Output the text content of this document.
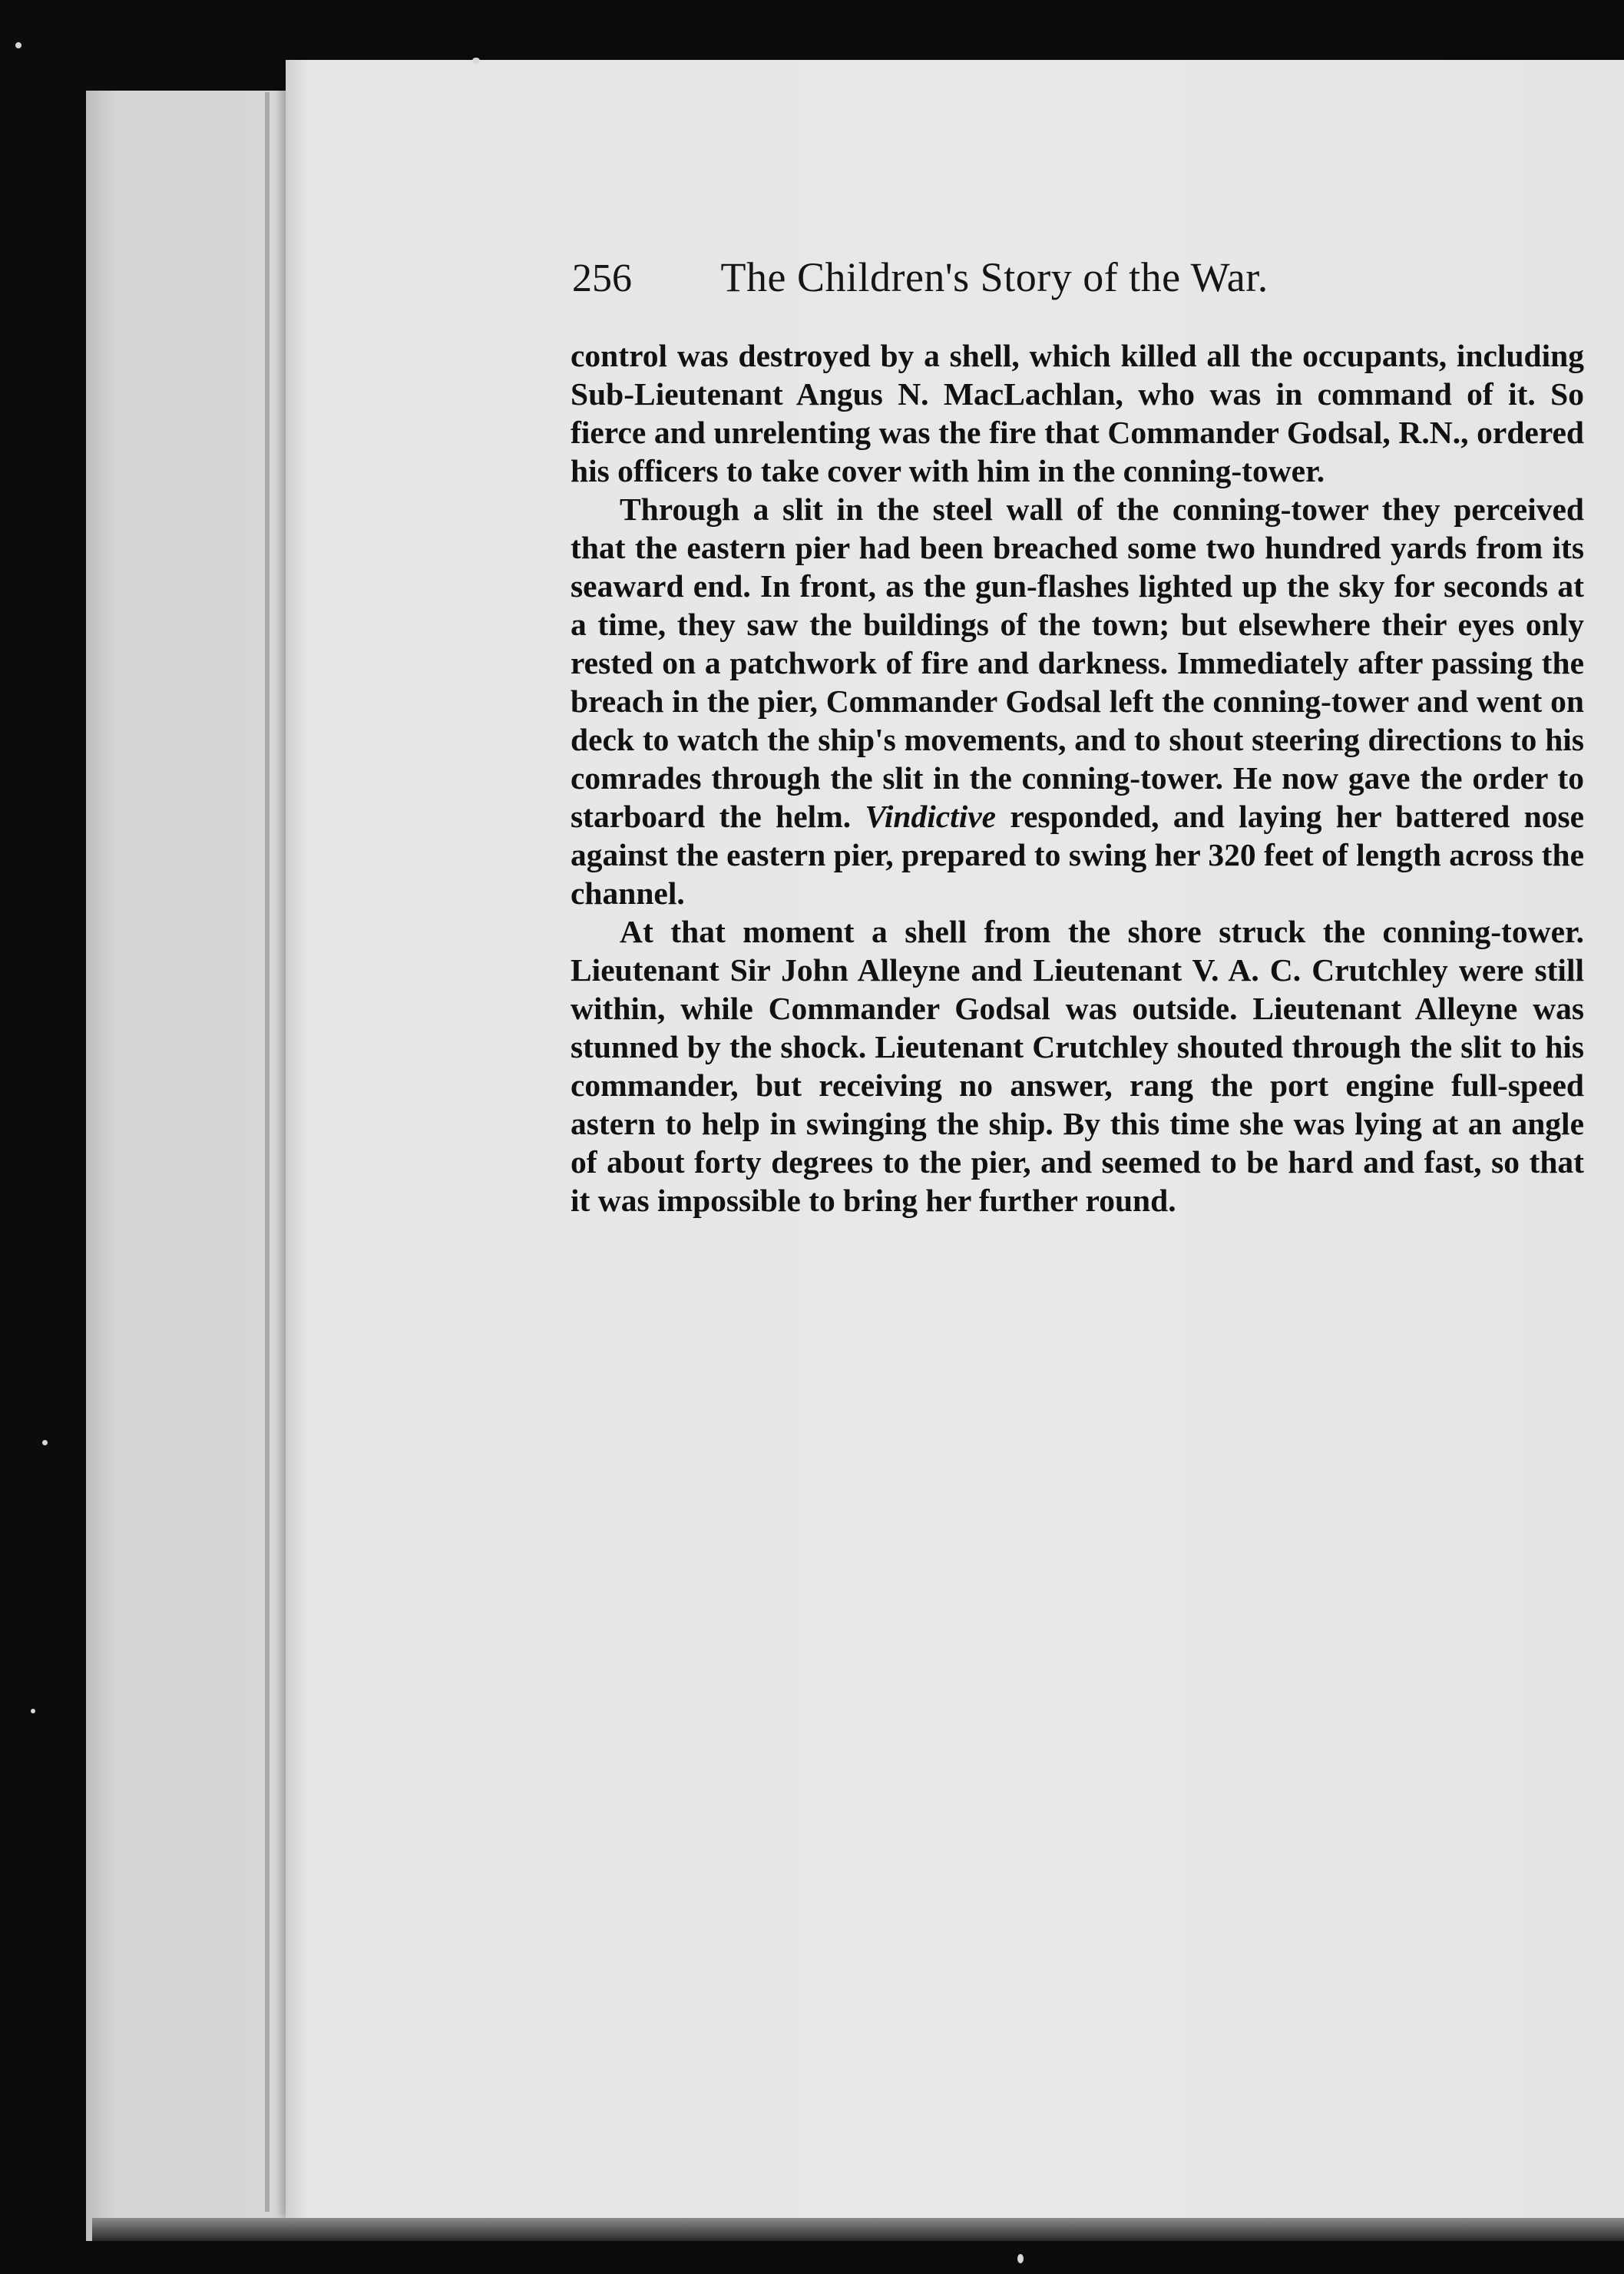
256 The Children's Story of the War.

control was destroyed by a shell, which killed all the occupants, including Sub-Lieutenant Angus N. MacLachlan, who was in command of it. So fierce and unrelenting was the fire that Commander Godsal, R.N., ordered his officers to take cover with him in the conning-tower.

Through a slit in the steel wall of the conning-tower they perceived that the eastern pier had been breached some two hundred yards from its seaward end. In front, as the gun-flashes lighted up the sky for seconds at a time, they saw the buildings of the town; but elsewhere their eyes only rested on a patchwork of fire and darkness. Immediately after passing the breach in the pier, Commander Godsal left the conning-tower and went on deck to watch the ship's movements, and to shout steering directions to his comrades through the slit in the conning-tower. He now gave the order to starboard the helm. Vindictive responded, and laying her battered nose against the eastern pier, prepared to swing her 320 feet of length across the channel.

At that moment a shell from the shore struck the conning-tower. Lieutenant Sir John Alleyne and Lieutenant V. A. C. Crutchley were still within, while Commander Godsal was outside. Lieutenant Alleyne was stunned by the shock. Lieutenant Crutchley shouted through the slit to his commander, but receiving no answer, rang the port engine full-speed astern to help in swinging the ship. By this time she was lying at an angle of about forty degrees to the pier, and seemed to be hard and fast, so that it was impossible to bring her further round.
